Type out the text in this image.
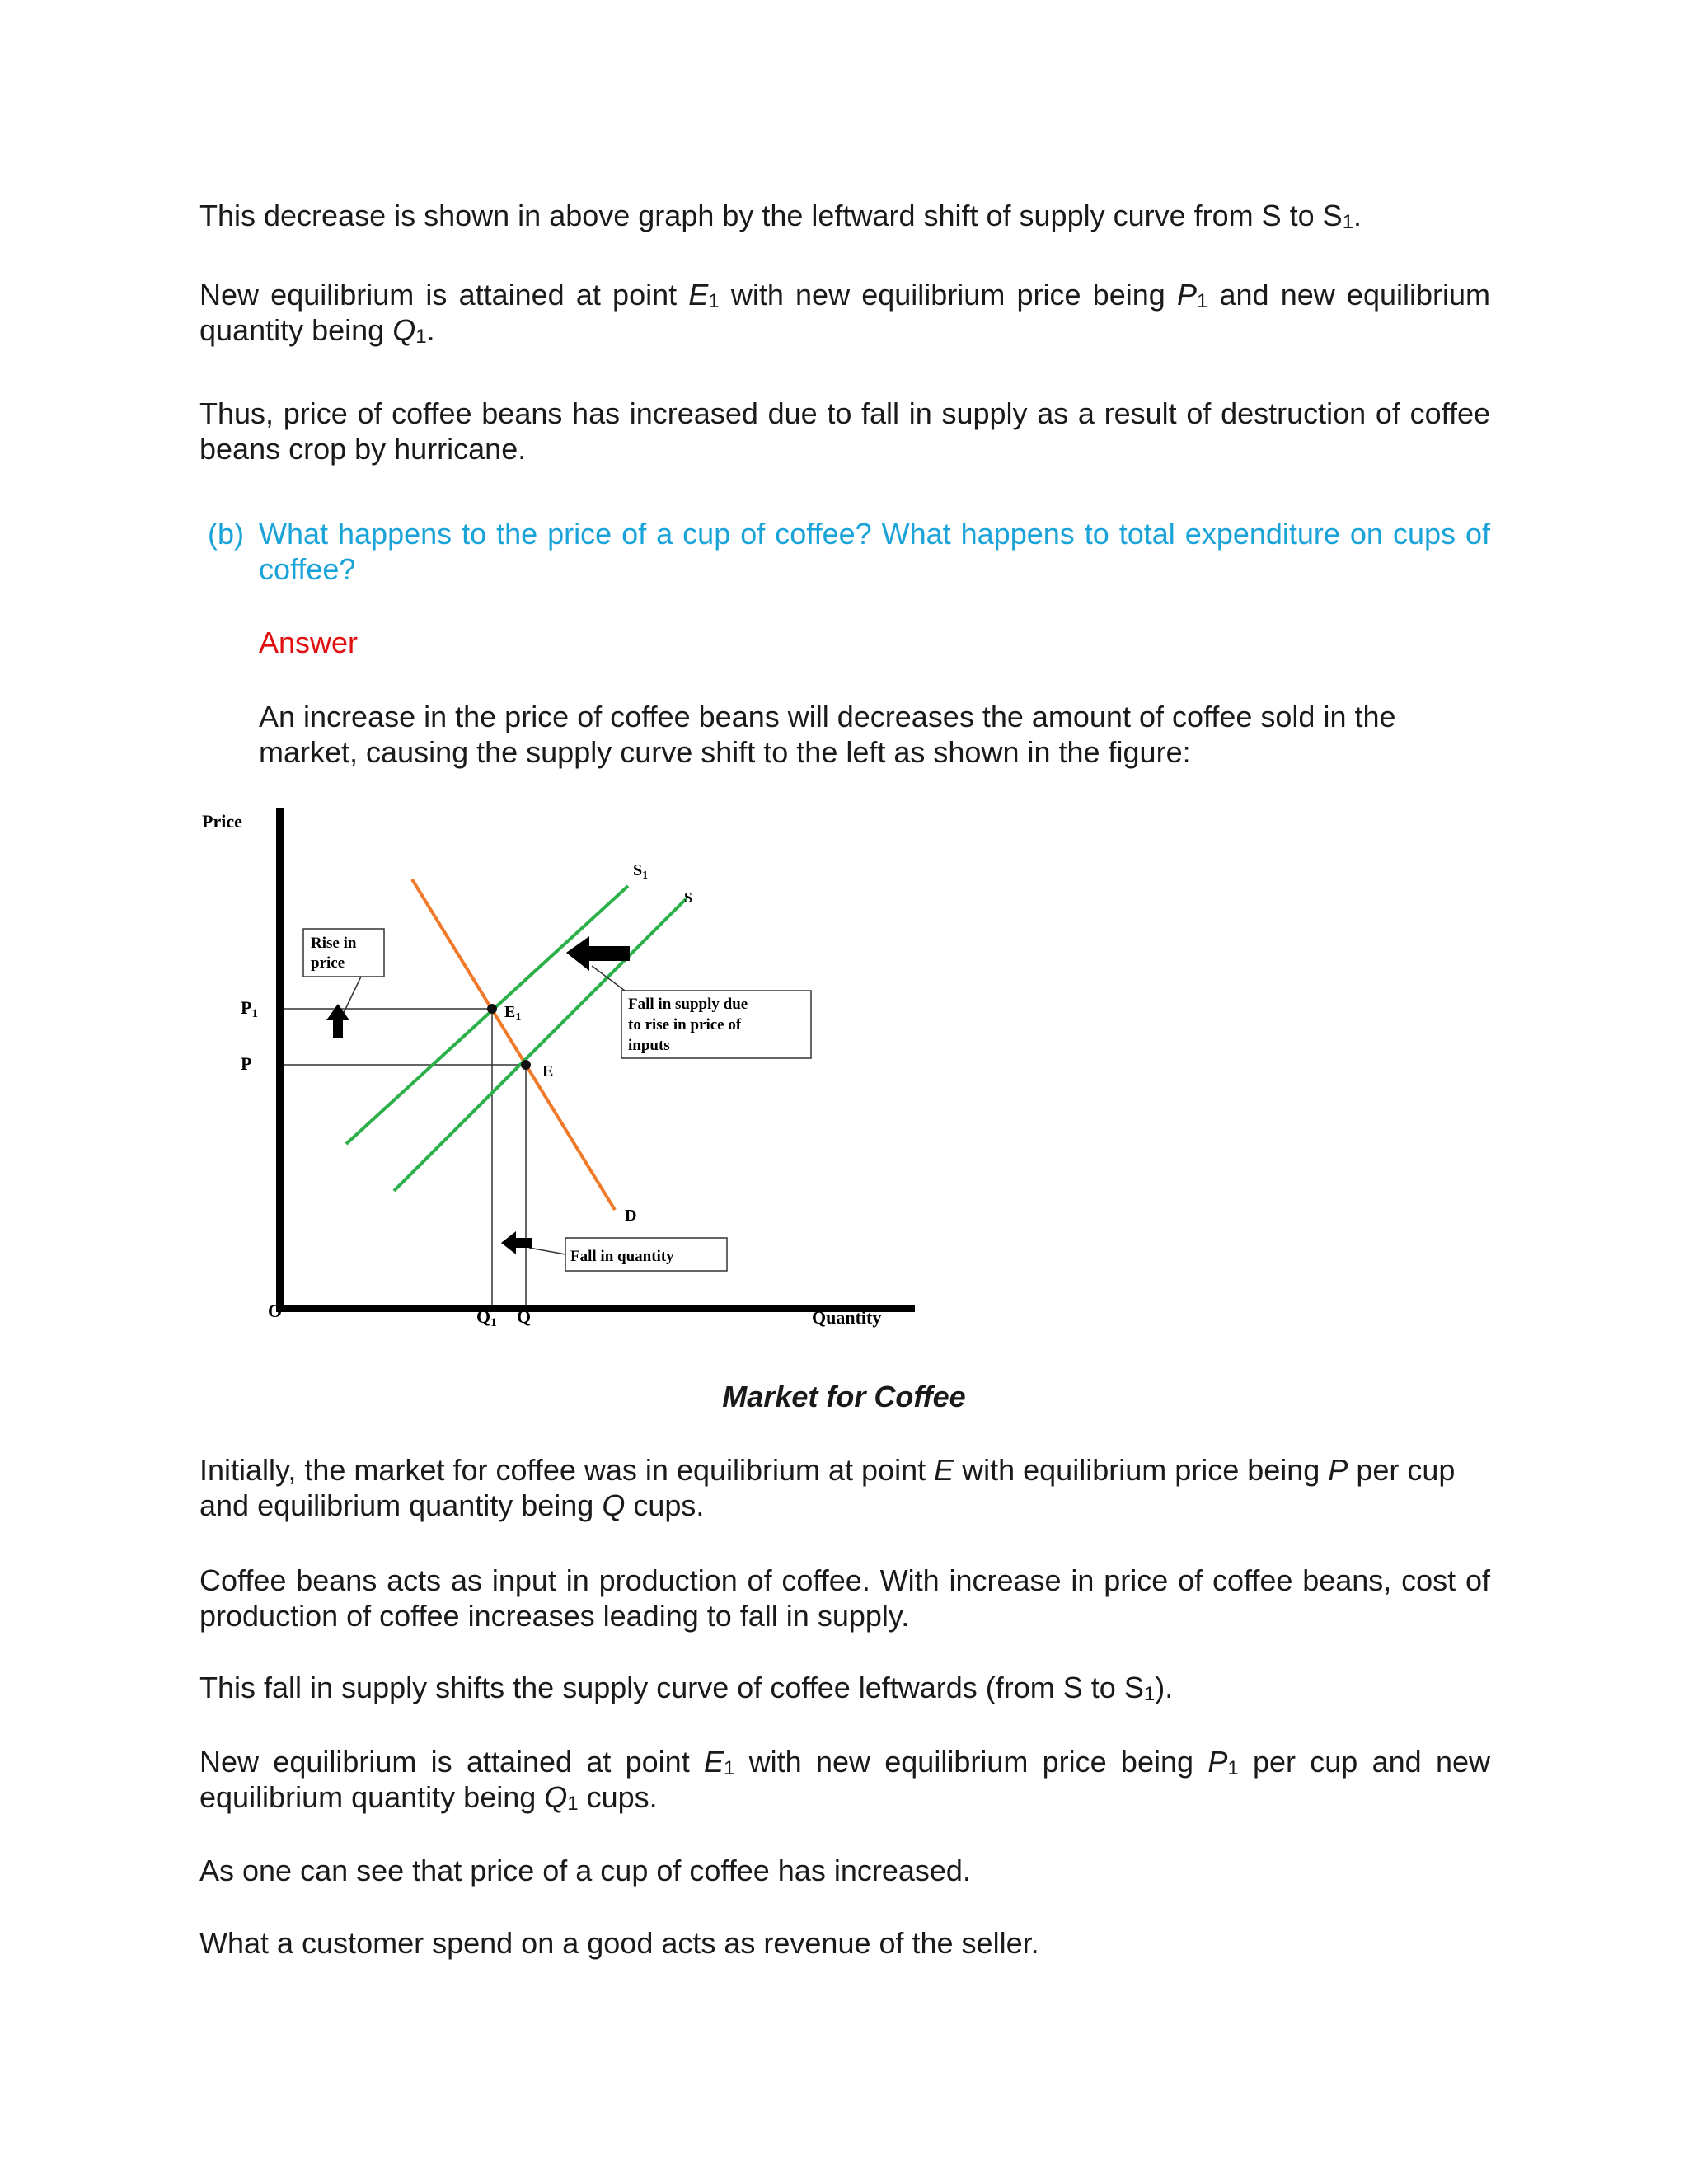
This decrease is shown in above graph by the leftward shift of supply curve from S to $S_1$.

New equilibrium is attained at point $E_1$ with new equilibrium price being $P_1$ and new equilibrium quantity being $Q_1$.

Thus, price of coffee beans has increased due to fall in supply as a result of destruction of coffee beans crop by hurricane.

(b) What happens to the price of a cup of coffee? What happens to total expenditure on cups of coffee?

Answer

An increase in the price of coffee beans will decreases the amount of coffee sold in the market, causing the supply curve shift to the left as shown in the figure:

Price
Quantity
O
P1
P
Q1 Q
$S_1$
S
D
$E_1$
E
Rise in
price
Fall in supply due
to rise in price of
inputs
Fall in quantity
Market for Coffee

Initially, the market for coffee was in equilibrium at point E with equilibrium price being P per cup and equilibrium quantity being Q cups.

Coffee beans acts as input in production of coffee. With increase in price of coffee beans, cost of production of coffee increases leading to fall in supply.

This fall in supply shifts the supply curve of coffee leftwards (from S to $S_1$).

New equilibrium is attained at point $E_1$ with new equilibrium price being $P_1$ per cup and new equilibrium quantity being $Q_1$ cups.

As one can see that price of a cup of coffee has increased.

What a customer spend on a good acts as revenue of the seller.
